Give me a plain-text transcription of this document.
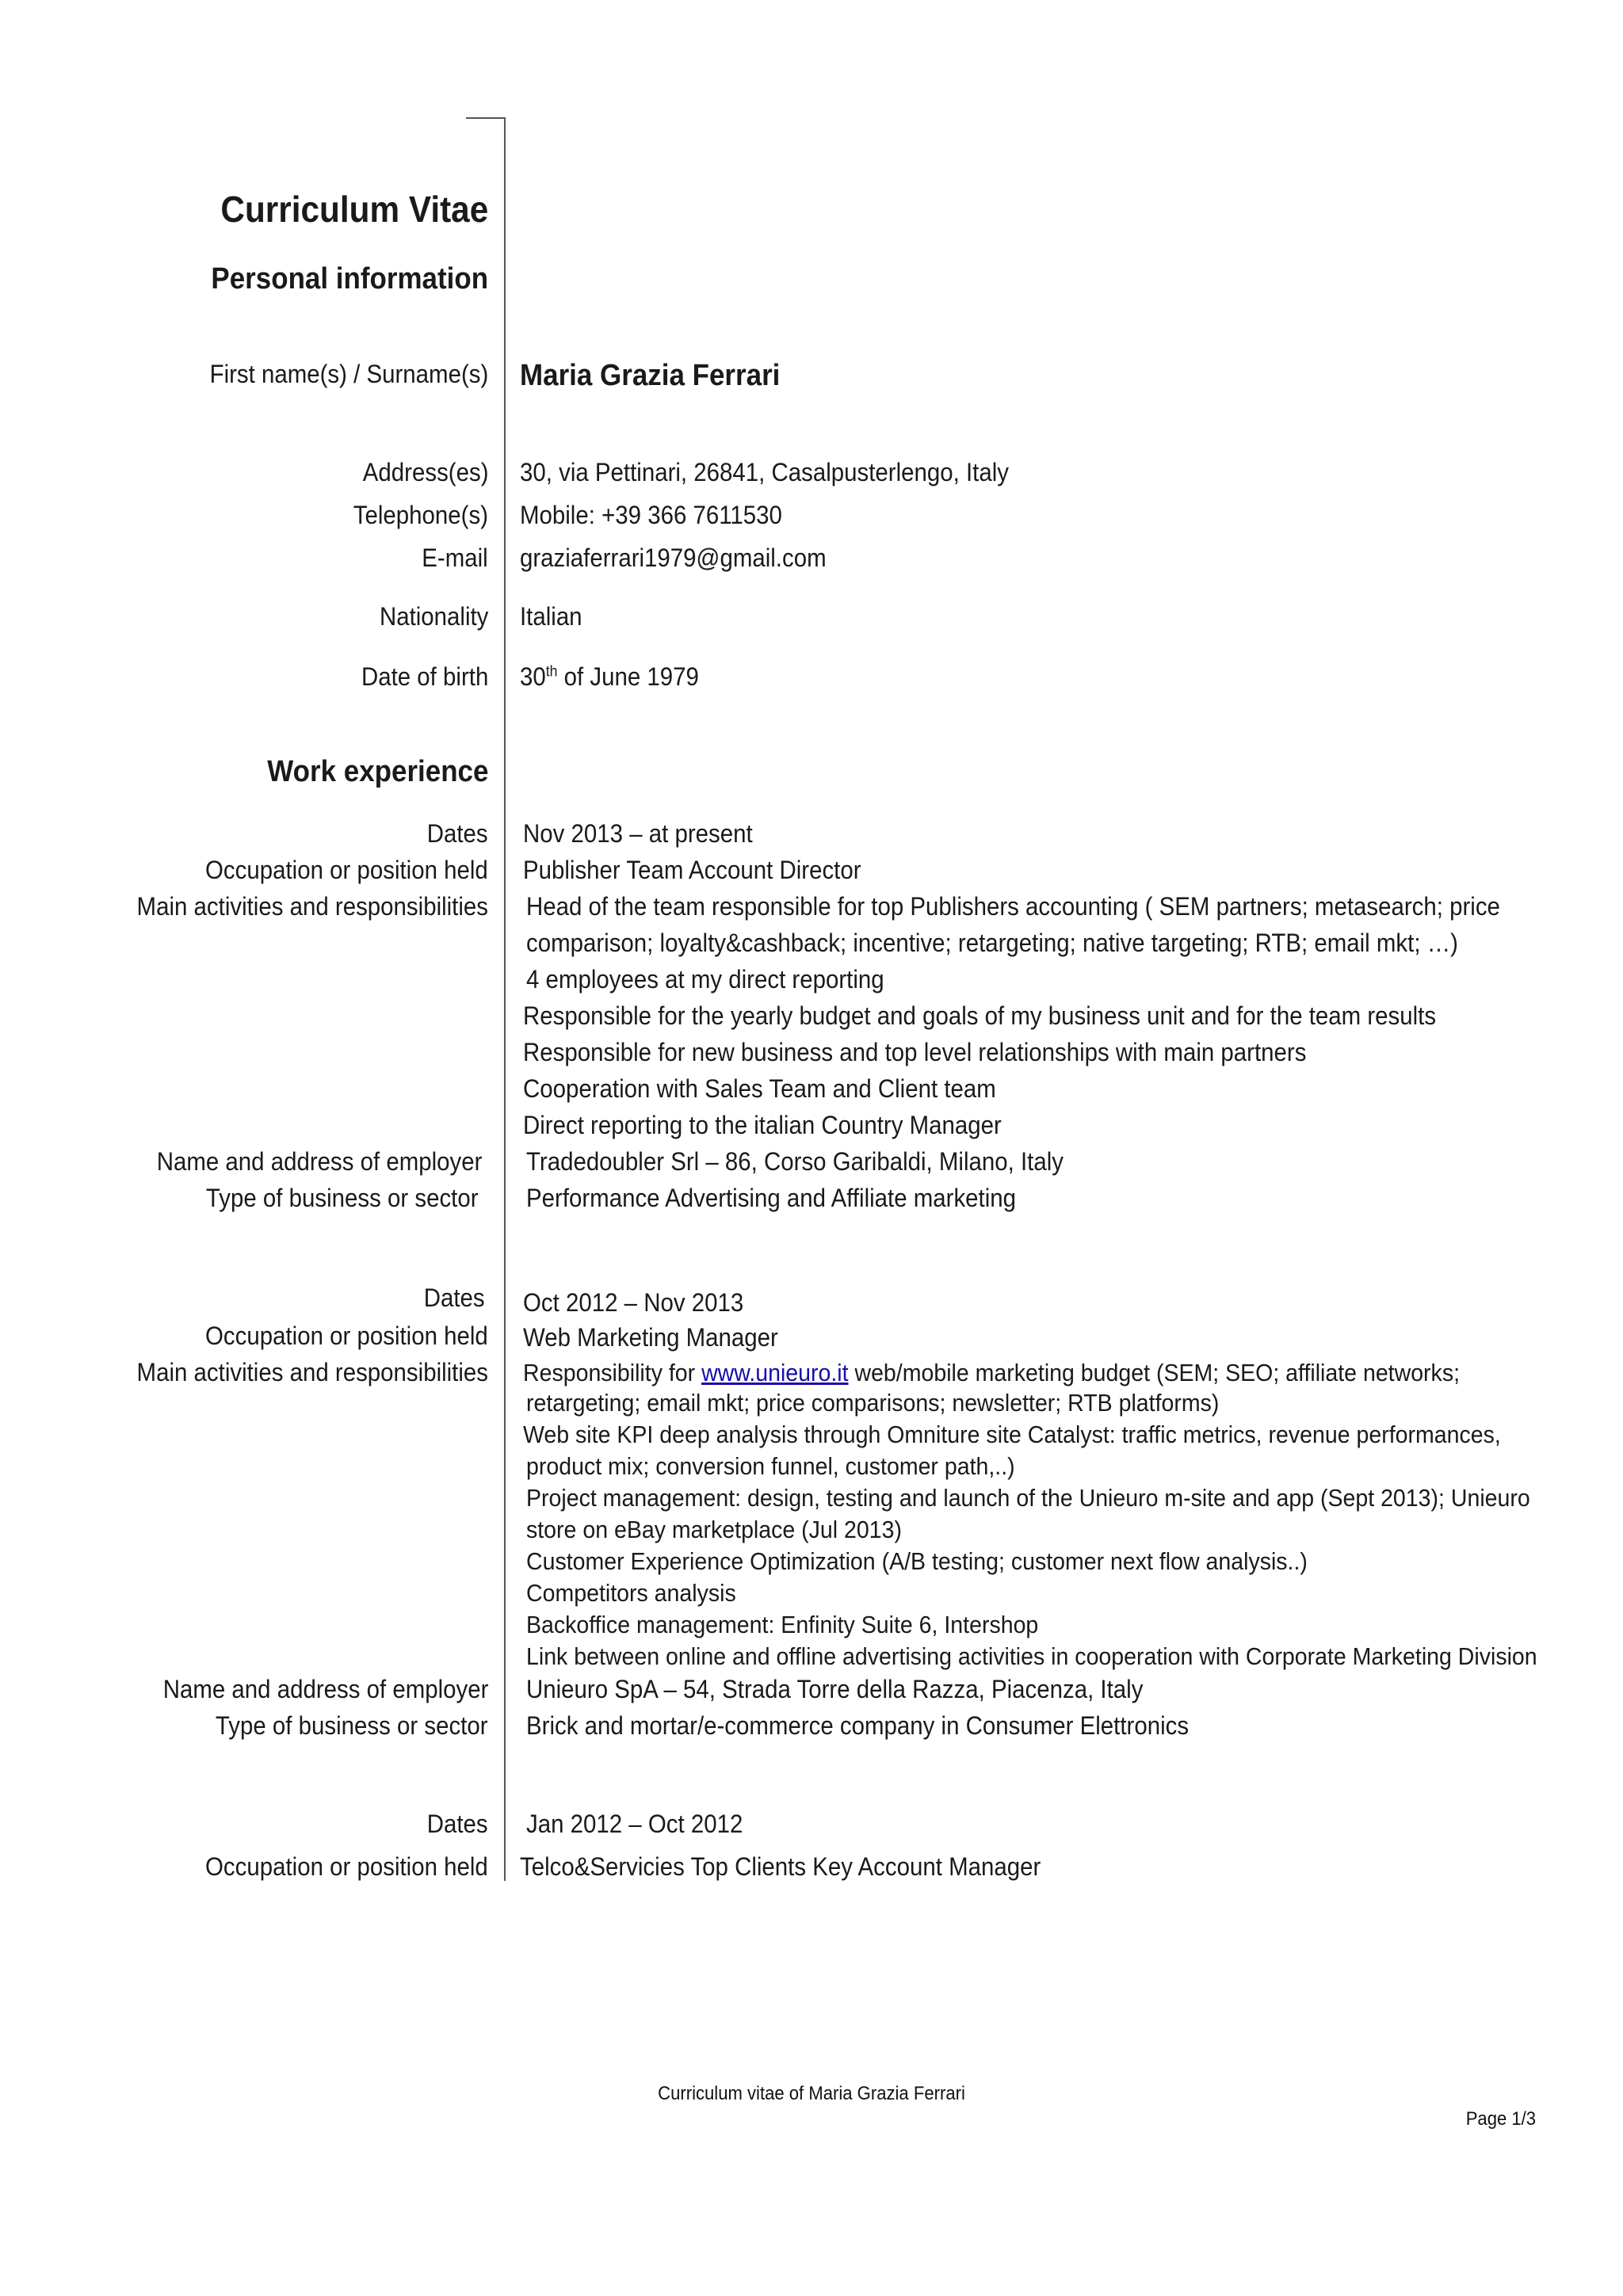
Curriculum Vitae
Personal information
First name(s) / Surname(s) Maria Grazia Ferrari
Address(es) 30, via Pettinari, 26841, Casalpusterlengo, Italy
Telephone(s) Mobile: +39 366 7611530
E-mail graziaferrari1979@gmail.com
Nationality Italian
Date of birth 30th of June 1979
Work experience
Dates Nov 2013 – at present
Occupation or position held Publisher Team Account Director
Main activities and responsibilities Head of the team responsible for top Publishers accounting ( SEM partners; metasearch; price
comparison; loyalty&cashback; incentive; retargeting; native targeting; RTB; email mkt; …)
4 employees at my direct reporting
Responsible for the yearly budget and goals of my business unit and for the team results
Responsible for new business and top level relationships with main partners
Cooperation with Sales Team and Client team
Direct reporting to the italian Country Manager
Name and address of employer Tradedoubler Srl – 86, Corso Garibaldi, Milano, Italy
Type of business or sector Performance Advertising and Affiliate marketing
Dates Oct 2012 – Nov 2013
Occupation or position held Web Marketing Manager
Main activities and responsibilities Responsibility for www.unieuro.it web/mobile marketing budget (SEM; SEO; affiliate networks;
retargeting; email mkt; price comparisons; newsletter; RTB platforms)
Web site KPI deep analysis through Omniture site Catalyst: traffic metrics, revenue performances,
product mix; conversion funnel, customer path,..)
Project management: design, testing and launch of the Unieuro m-site and app (Sept 2013); Unieuro
store on eBay marketplace (Jul 2013)
Customer Experience Optimization (A/B testing; customer next flow analysis..)
Competitors analysis
Backoffice management: Enfinity Suite 6, Intershop
Link between online and offline advertising activities in cooperation with Corporate Marketing Division
Name and address of employer Unieuro SpA – 54, Strada Torre della Razza, Piacenza, Italy
Type of business or sector Brick and mortar/e-commerce company in Consumer Elettronics
Dates Jan 2012 – Oct 2012
Occupation or position held Telco&Servicies Top Clients Key Account Manager
Curriculum vitae of Maria Grazia Ferrari
Page 1/3
